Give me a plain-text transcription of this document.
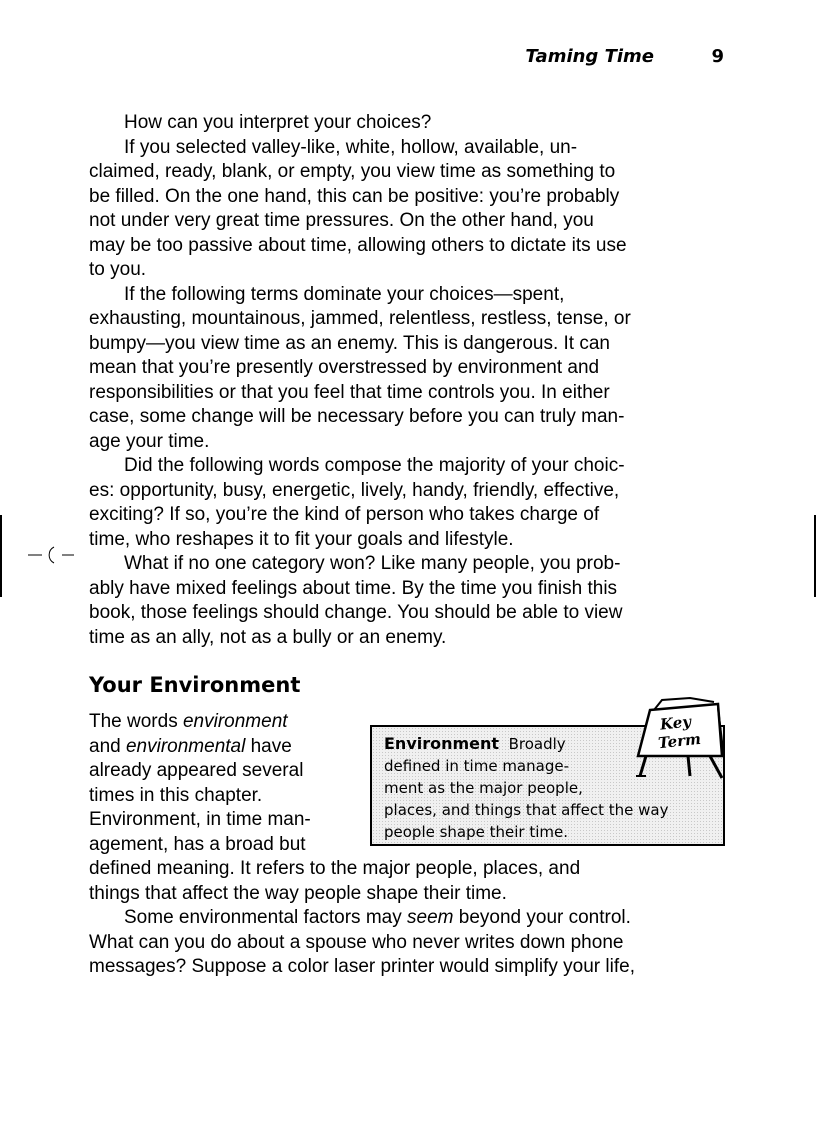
Taming Time	9
How can you interpret your choices?
If you selected valley-like, white, hollow, available, un-
claimed, ready, blank, or empty, you view time as something to
be filled. On the one hand, this can be positive: you’re probably
not under very great time pressures. On the other hand, you
may be too passive about time, allowing others to dictate its use
to you.
If the following terms dominate your choices—spent,
exhausting, mountainous, jammed, relentless, restless, tense, or
bumpy—you view time as an enemy. This is dangerous. It can
mean that you’re presently overstressed by environment and
responsibilities or that you feel that time controls you. In either
case, some change will be necessary before you can truly man-
age your time.
Did the following words compose the majority of your choic-
es: opportunity, busy, energetic, lively, handy, friendly, effective,
exciting? If so, you’re the kind of person who takes charge of
time, who reshapes it to fit your goals and lifestyle.
What if no one category won? Like many people, you prob-
ably have mixed feelings about time. By the time you finish this
book, those feelings should change. You should be able to view
time as an ally, not as a bully or an enemy.
Your Environment
The words environment
and environmental have
already appeared several
times in this chapter.
Environment, in time man-
agement, has a broad but
Environment Broadly
defined in time manage-
ment as the major people,
places, and things that affect the way
people shape their time.
Key
Term
defined meaning. It refers to the major people, places, and
things that affect the way people shape their time.
Some environmental factors may seem beyond your control.
What can you do about a spouse who never writes down phone
messages? Suppose a color laser printer would simplify your life,
